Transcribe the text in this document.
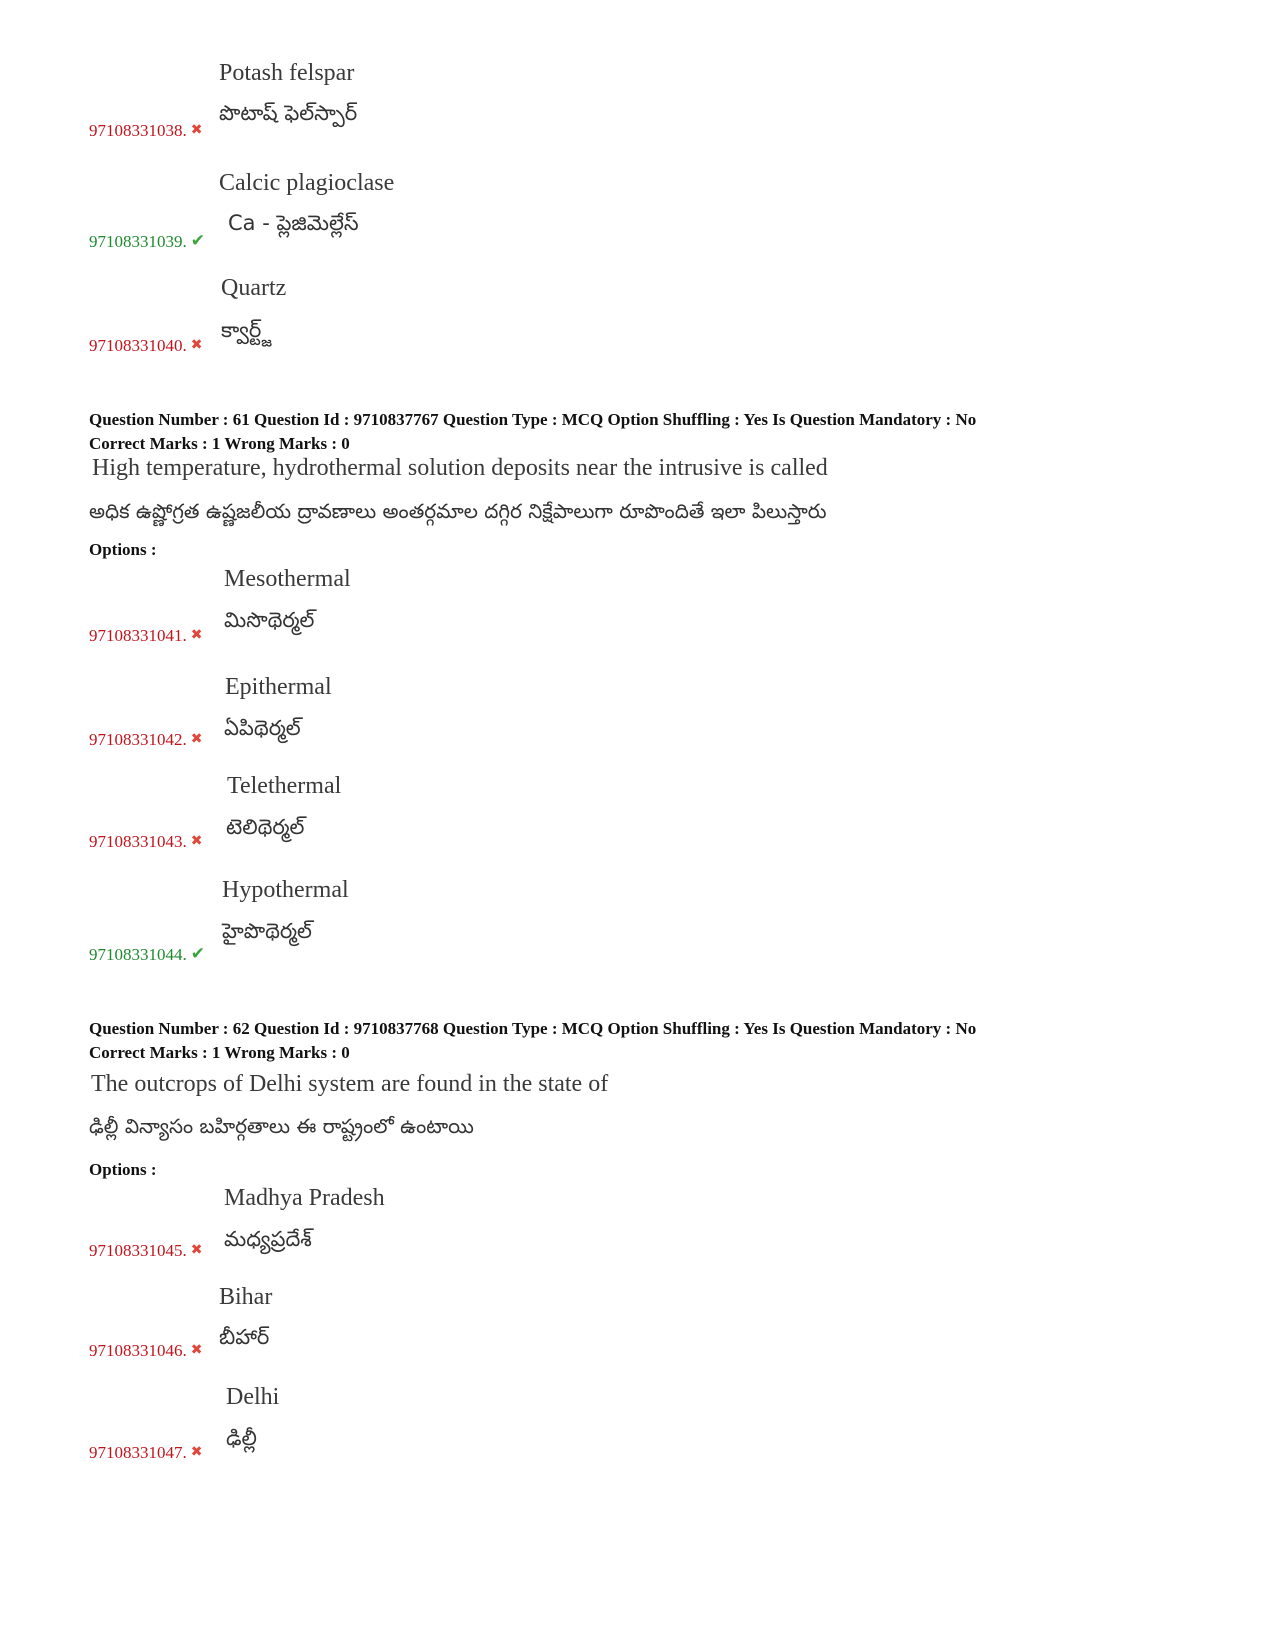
Potash felspar
పొటాష్ ఫెల్‌స్పార్
97108331038. ✖
Calcic plagioclase
Ca - ప్లెజిమెల్లేస్
97108331039. ✔
Quartz
క్వార్ట్జ్
97108331040. ✖
Question Number : 61 Question Id : 9710837767 Question Type : MCQ Option Shuffling : Yes Is Question Mandatory : No
Correct Marks : 1 Wrong Marks : 0
High temperature, hydrothermal solution deposits near the intrusive is called
అధిక ఉష్ణోగ్రత ఉష్ణజలీయ ద్రావణాలు అంతర్గమాల దగ్గిర నిక్షేపాలుగా రూపొందితే ఇలా పిలుస్తారు
Options :
Mesothermal
మిసొథెర్మల్
97108331041. ✖
Epithermal
ఏపిథెర్మల్
97108331042. ✖
Telethermal
టెలిథెర్మల్
97108331043. ✖
Hypothermal
హైపొథెర్మల్
97108331044. ✔
Question Number : 62 Question Id : 9710837768 Question Type : MCQ Option Shuffling : Yes Is Question Mandatory : No
Correct Marks : 1 Wrong Marks : 0
The outcrops of Delhi system are found in the state of
ఢిల్లీ విన్యాసం బహిర్గతాలు ఈ రాష్ట్రంలో ఉంటాయి
Options :
Madhya Pradesh
మధ్యప్రదేశ్
97108331045. ✖
Bihar
బీహార్
97108331046. ✖
Delhi
ఢిల్లీ
97108331047. ✖
